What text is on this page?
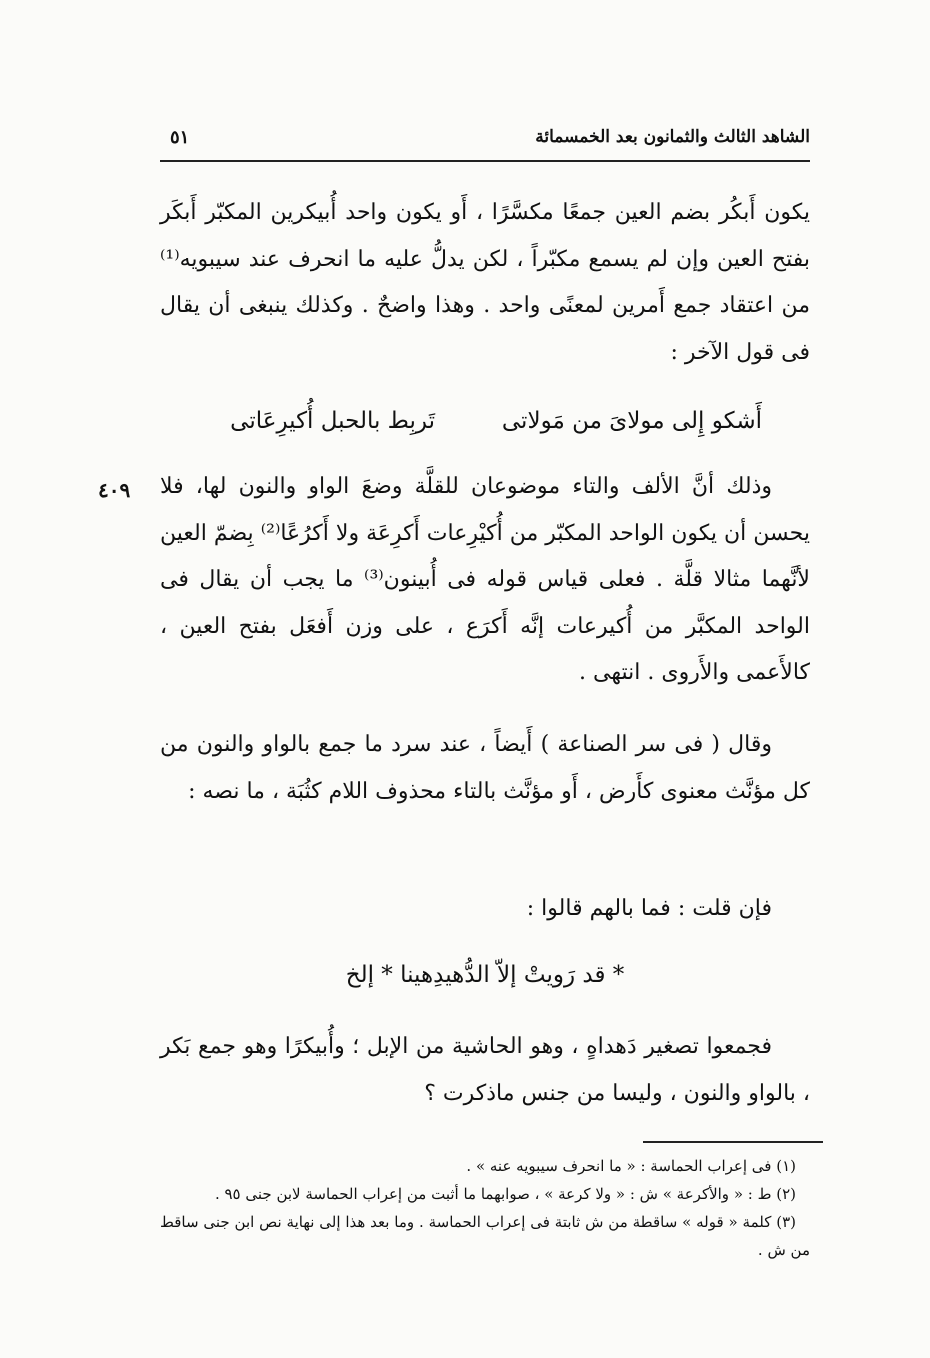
الشاهد الثالث والثمانون بعد الخمسمائة
٥١

يكون أَبكُر بضم العين جمعًا مكسَّرًا ، أَو يكون واحد أُبيكرين المكبّر أَبكَر بفتح العين وإن لم يسمع مكبّراً ، لكن يدلُّ عليه ما انحرف عند سيبويه⁽¹⁾ من اعتقاد جمع أَمرين لمعنًى واحد . وهذا واضحٌ . وكذلك ينبغى أن يقال فى قول الآخر :

أَشكو إِلى مولاىَ من مَولاتى
تَربِط بالحبل أُكيرِعَاتى
٤٠٩ وذلك أنَّ الألف والتاء موضوعان للقلَّة وضعَ الواو والنون لها، فلا يحسن أن يكون الواحد المكبّر من أُكيْرِعات أَكرِعَة ولا أَكرُعًا⁽²⁾ بِضمّ العين لأنَّهما مثالا قلَّة . فعلى قياس قوله فى أُبينون⁽³⁾ ما يجب أن يقال فى الواحد المكبَّر من أُكيرعات إنَّه أَكرَع ، على وزن أَفعَل بفتح العين ، كالأَعمى والأَروى . انتهى .

وقال ( فى سر الصناعة ) أَيضاً ، عند سرد ما جمع بالواو والنون من كل مؤنَّث معنوى كأَرض ، أَو مؤنَّث بالتاء محذوف اللام كثُبَة ، ما نصه :

فإن قلت : فما بالهم قالوا :

* قد رَويتْ إلاّ الدُّهيدِهينا * إلخ

فجمعوا تصغير دَهداهٍ ، وهو الحاشية من الإبل ؛ وأُبيكرًا وهو جمع بَكر ، بالواو والنون ، وليسا من جنس ماذكرت ؟

(١) فى إعراب الحماسة : « ما انحرف سيبويه عنه » .

(٢) ط : « والأكرعة » ش : « ولا كرعة » ، صوابهما ما أثبت من إعراب الحماسة لابن جنى ٩٥ .

(٣) كلمة « قوله » ساقطة من ش ثابتة فى إعراب الحماسة . وما بعد هذا إلى نهاية نص ابن جنى ساقط من ش .
